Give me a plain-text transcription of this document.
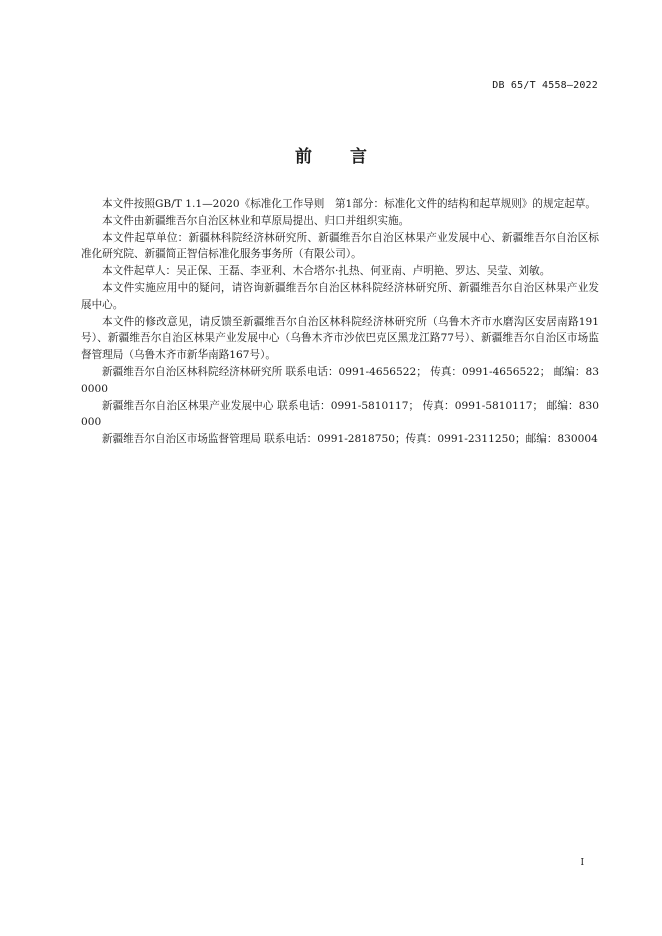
DB 65/T 4558—2022
前 言

本文件按照GB/T 1.1—2020《标准化工作导则　第1部分：标准化文件的结构和起草规则》的规定起草。

本文件由新疆维吾尔自治区林业和草原局提出、归口并组织实施。

本文件起草单位：新疆林科院经济林研究所、新疆维吾尔自治区林果产业发展中心、新疆维吾尔自治区标准化研究院、新疆简正智信标准化服务事务所（有限公司）。

本文件起草人：吴正保、王磊、李亚利、木合塔尔·扎热、何亚南、卢明艳、罗达、吴莹、刘敏。

本文件实施应用中的疑问，请咨询新疆维吾尔自治区林科院经济林研究所、新疆维吾尔自治区林果产业发展中心。

本文件的修改意见，请反馈至新疆维吾尔自治区林科院经济林研究所（乌鲁木齐市水磨沟区安居南路191号）、新疆维吾尔自治区林果产业发展中心（乌鲁木齐市沙依巴克区黑龙江路77号）、新疆维吾尔自治区市场监督管理局（乌鲁木齐市新华南路167号）。

新疆维吾尔自治区林科院经济林研究所 联系电话：0991-4656522； 传真：0991-4656522； 邮编：830000

新疆维吾尔自治区林果产业发展中心 联系电话：0991-5810117； 传真：0991-5810117； 邮编：830000

新疆维吾尔自治区市场监督管理局 联系电话：0991-2818750；传真：0991-2311250；邮编：830004

I
